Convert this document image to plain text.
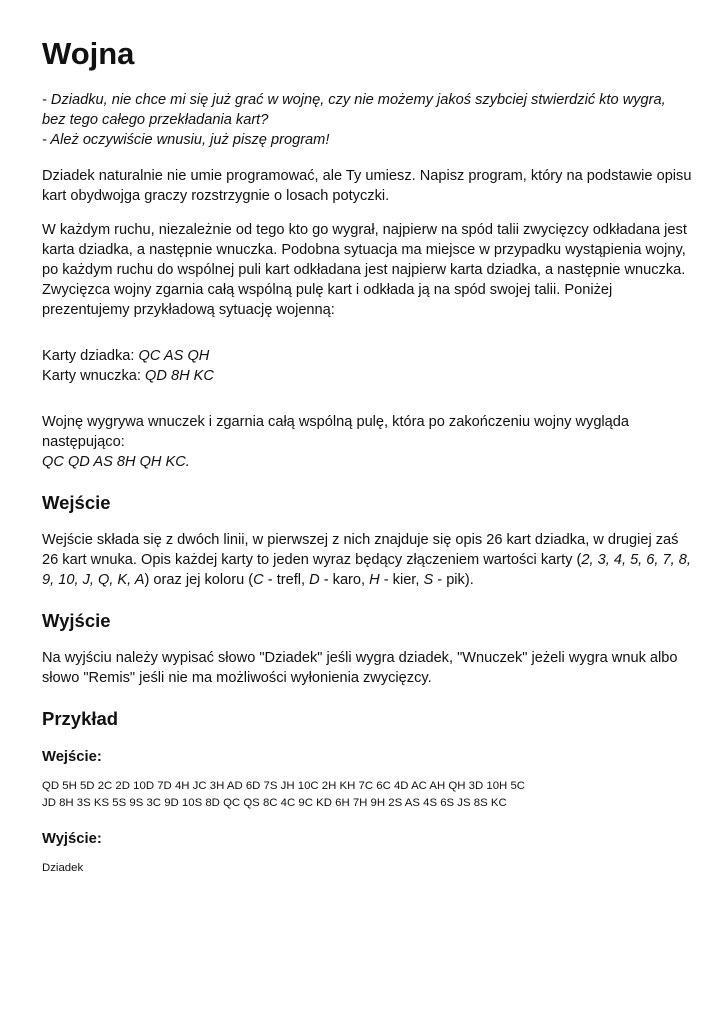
Wojna

- Dziadku, nie chce mi się już grać w wojnę, czy nie możemy jakoś szybciej stwierdzić kto wygra, bez tego całego przekładania kart?
- Ależ oczywiście wnusiu, już piszę program!

Dziadek naturalnie nie umie programować, ale Ty umiesz. Napisz program, który na podstawie opisu kart obydwojga graczy rozstrzygnie o losach potyczki.

W każdym ruchu, niezależnie od tego kto go wygrał, najpierw na spód talii zwycięzcy odkładana jest karta dziadka, a następnie wnuczka. Podobna sytuacja ma miejsce w przypadku wystąpienia wojny, po każdym ruchu do wspólnej puli kart odkładana jest najpierw karta dziadka, a następnie wnuczka. Zwycięzca wojny zgarnia całą wspólną pulę kart i odkłada ją na spód swojej talii. Poniżej prezentujemy przykładową sytuację wojenną:

Karty dziadka: QC AS QH
Karty wnuczka: QD 8H KC

Wojnę wygrywa wnuczek i zgarnia całą wspólną pulę, która po zakończeniu wojny wygląda następująco:
QC QD AS 8H QH KC.

Wejście

Wejście składa się z dwóch linii, w pierwszej z nich znajduje się opis 26 kart dziadka, w drugiej zaś 26 kart wnuka. Opis każdej karty to jeden wyraz będący złączeniem wartości karty (2, 3, 4, 5, 6, 7, 8, 9, 10, J, Q, K, A) oraz jej koloru (C - trefl, D - karo, H - kier, S - pik).

Wyjście

Na wyjściu należy wypisać słowo "Dziadek" jeśli wygra dziadek, "Wnuczek" jeżeli wygra wnuk albo słowo "Remis" jeśli nie ma możliwości wyłonienia zwycięzcy.

Przykład
Wejście:
QD 5H 5D 2C 2D 10D 7D 4H JC 3H AD 6D 7S JH 10C 2H KH 7C 6C 4D AC AH QH 3D 10H 5C
JD 8H 3S KS 5S 9S 3C 9D 10S 8D QC QS 8C 4C 9C KD 6H 7H 9H 2S AS 4S 6S JS 8S KC
Wyjście:
Dziadek
